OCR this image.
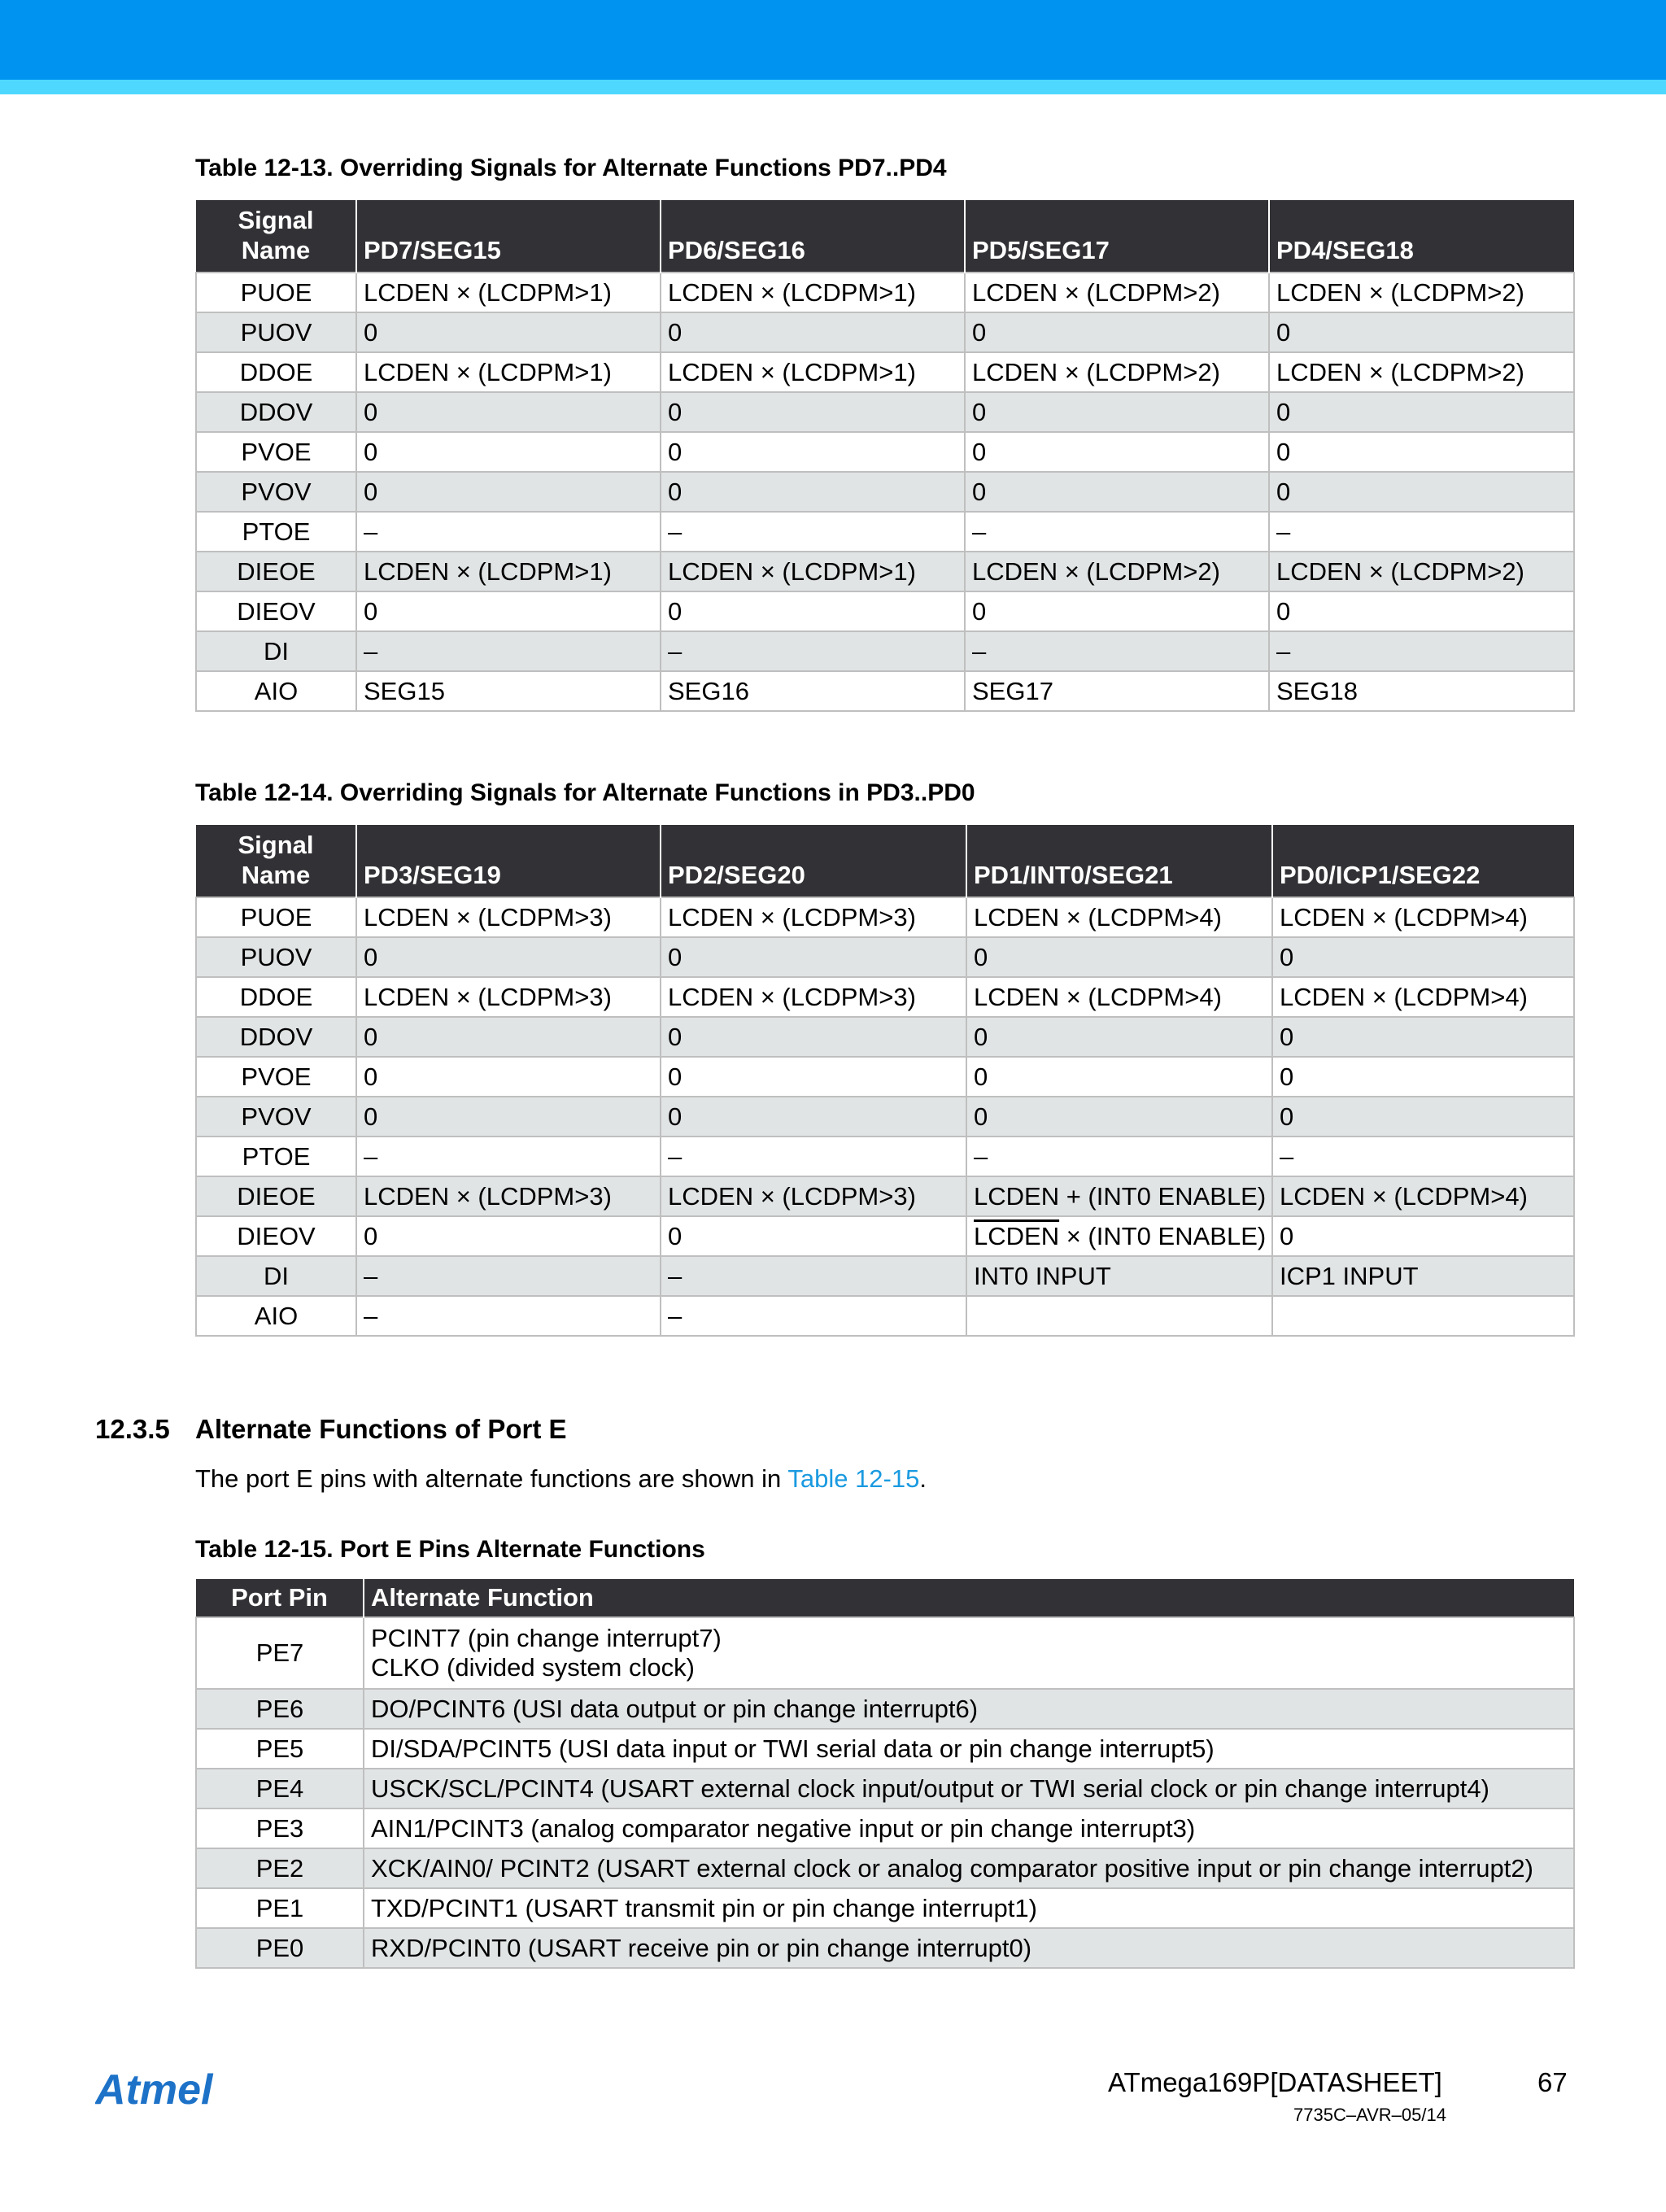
Table 12-13. Overriding Signals for Alternate Functions PD7..PD4
Signal Name	PD7/SEG15	PD6/SEG16	PD5/SEG17	PD4/SEG18
PUOE	LCDEN × (LCDPM>1)	LCDEN × (LCDPM>1)	LCDEN × (LCDPM>2)	LCDEN × (LCDPM>2)
PUOV	0	0	0	0
DDOE	LCDEN × (LCDPM>1)	LCDEN × (LCDPM>1)	LCDEN × (LCDPM>2)	LCDEN × (LCDPM>2)
DDOV	0	0	0	0
PVOE	0	0	0	0
PVOV	0	0	0	0
PTOE	–	–	–	–
DIEOE	LCDEN × (LCDPM>1)	LCDEN × (LCDPM>1)	LCDEN × (LCDPM>2)	LCDEN × (LCDPM>2)
DIEOV	0	0	0	0
DI	–	–	–	–
AIO	SEG15	SEG16	SEG17	SEG18
Table 12-14. Overriding Signals for Alternate Functions in PD3..PD0
Signal Name	PD3/SEG19	PD2/SEG20	PD1/INT0/SEG21	PD0/ICP1/SEG22
PUOE	LCDEN × (LCDPM>3)	LCDEN × (LCDPM>3)	LCDEN × (LCDPM>4)	LCDEN × (LCDPM>4)
PUOV	0	0	0	0
DDOE	LCDEN × (LCDPM>3)	LCDEN × (LCDPM>3)	LCDEN × (LCDPM>4)	LCDEN × (LCDPM>4)
DDOV	0	0	0	0
PVOE	0	0	0	0
PVOV	0	0	0	0
PTOE	–	–	–	–
DIEOE	LCDEN × (LCDPM>3)	LCDEN × (LCDPM>3)	LCDEN + (INT0 ENABLE)	LCDEN × (LCDPM>4)
DIEOV	0	0	LCDEN × (INT0 ENABLE)	0
DI	–	–	INT0 INPUT	ICP1 INPUT
AIO	–	–		
12.3.5 Alternate Functions of Port E
The port E pins with alternate functions are shown in Table 12-15.
Table 12-15. Port E Pins Alternate Functions
Port Pin	Alternate Function
PE7	PCINT7 (pin change interrupt7)
CLKO (divided system clock)

PE6	DO/PCINT6 (USI data output or pin change interrupt6)
PE5	DI/SDA/PCINT5 (USI data input or TWI serial data or pin change interrupt5)
PE4	USCK/SCL/PCINT4 (USART external clock input/output or TWI serial clock or pin change interrupt4)
PE3	AIN1/PCINT3 (analog comparator negative input or pin change interrupt3)
PE2	XCK/AIN0/ PCINT2 (USART external clock or analog comparator positive input or pin change interrupt2)
PE1	TXD/PCINT1 (USART transmit pin or pin change interrupt1)
PE0	RXD/PCINT0 (USART receive pin or pin change interrupt0)
Atmel	ATmega169P[DATASHEET]	67
7735C–AVR–05/14
